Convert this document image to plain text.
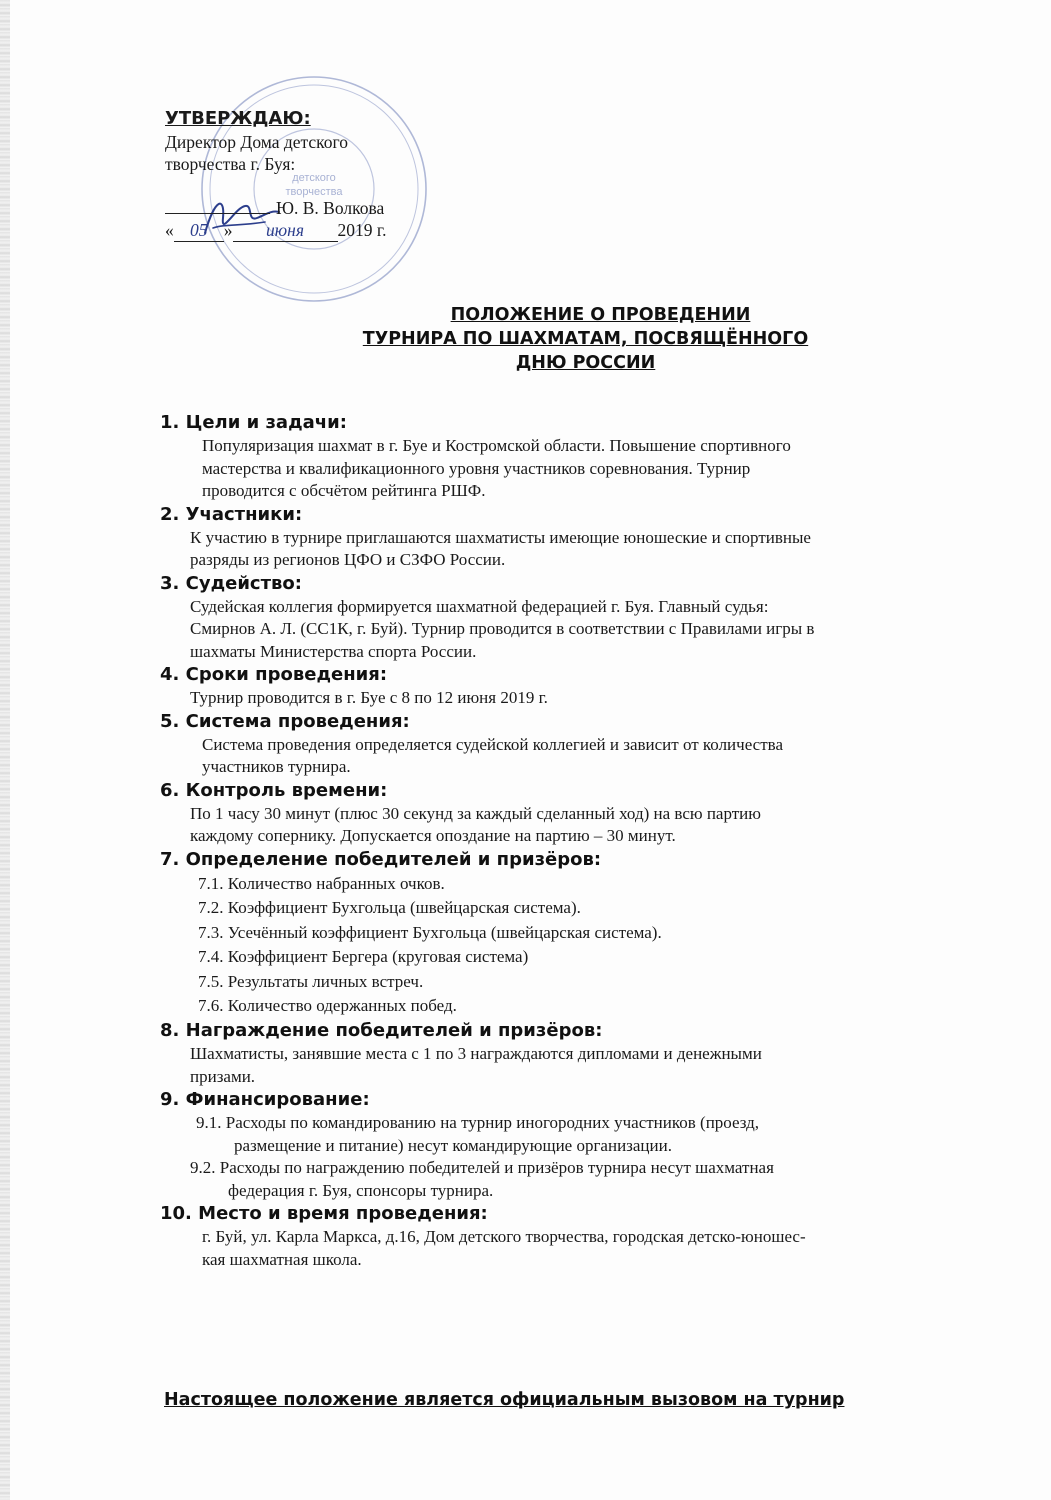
детского
творчества
УТВЕРЖДАЮ:
Директор Дома детского
творчества г. Буя:
Ю. В. Волкова
« 05 » июня 2019 г.
ПОЛОЖЕНИЕ О ПРОВЕДЕНИИ
ТУРНИРА ПО ШАХМАТАМ, ПОСВЯЩЁННОГО
ДНЮ РОССИИ
1. Цели и задачи:
Популяризация шахмат в г. Буе и Костромской области. Повышение спортивного
мастерства и квалификационного уровня участников соревнования. Турнир
проводится с обсчётом рейтинга РШФ.
2. Участники:
К участию в турнире приглашаются шахматисты имеющие юношеские и спортивные
разряды из регионов ЦФО и СЗФО России.
3. Судейство:
Судейская коллегия формируется шахматной федерацией г. Буя. Главный судья:
Смирнов А. Л. (СС1К, г. Буй). Турнир проводится в соответствии с Правилами игры в
шахматы Министерства спорта России.
4. Сроки проведения:
Турнир проводится в г. Буе с 8 по 12 июня 2019 г.
5. Система проведения:
Система проведения определяется судейской коллегией и зависит от количества
участников турнира.
6. Контроль времени:
По 1 часу 30 минут (плюс 30 секунд за каждый сделанный ход) на всю партию
каждому сопернику. Допускается опоздание на партию – 30 минут.
7. Определение победителей и призёров:
7.1. Количество набранных очков.
7.2. Коэффициент Бухгольца (швейцарская система).
7.3. Усечённый коэффициент Бухгольца (швейцарская система).
7.4. Коэффициент Бергера (круговая система)
7.5. Результаты личных встреч.
7.6. Количество одержанных побед.
8. Награждение победителей и призёров:
Шахматисты, занявшие места с 1 по 3 награждаются дипломами и денежными
призами.
9. Финансирование:
9.1. Расходы по командированию на турнир иногородних участников (проезд,
размещение и питание) несут командирующие организации.
9.2. Расходы по награждению победителей и призёров турнира несут шахматная
федерация г. Буя, спонсоры турнира.
10. Место и время проведения:
г. Буй, ул. Карла Маркса, д.16, Дом детского творчества, городская детско-юношес-
кая шахматная школа.
Настоящее положение является официальным вызовом на турнир
